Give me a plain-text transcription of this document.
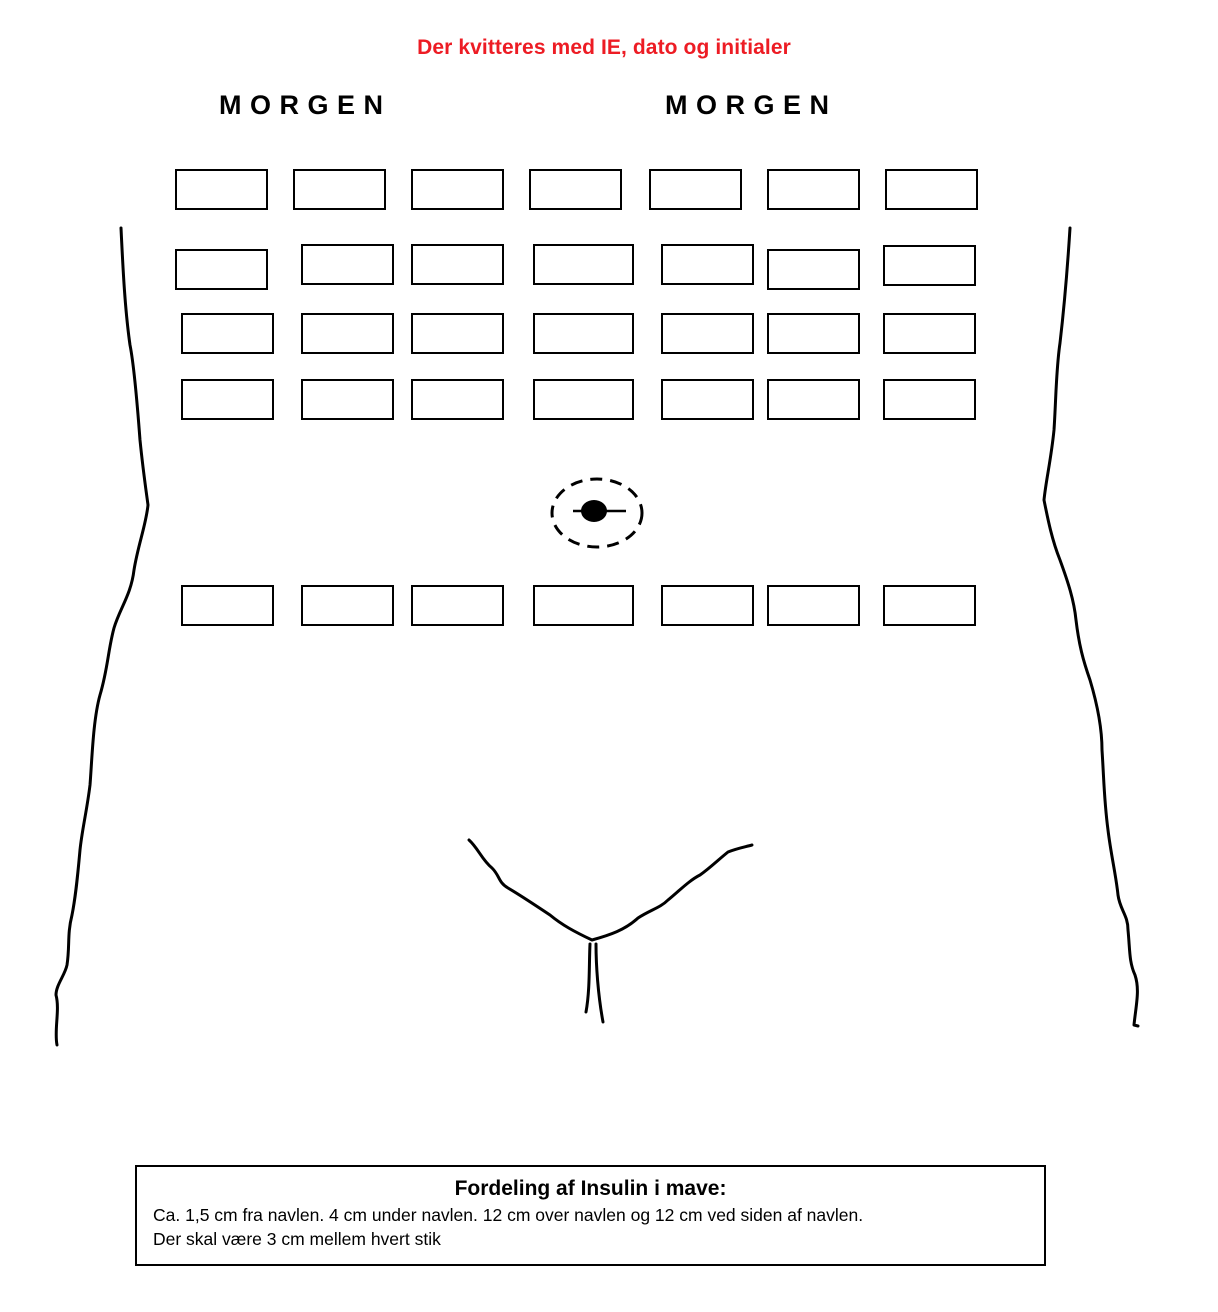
Der kvitteres med IE, dato og initialer
MORGEN	MORGEN
Fordeling af Insulin i mave:
Ca. 1,5 cm fra navlen. 4 cm under navlen. 12 cm over navlen og 12 cm ved siden af navlen.
Der skal være 3 cm mellem hvert stik
